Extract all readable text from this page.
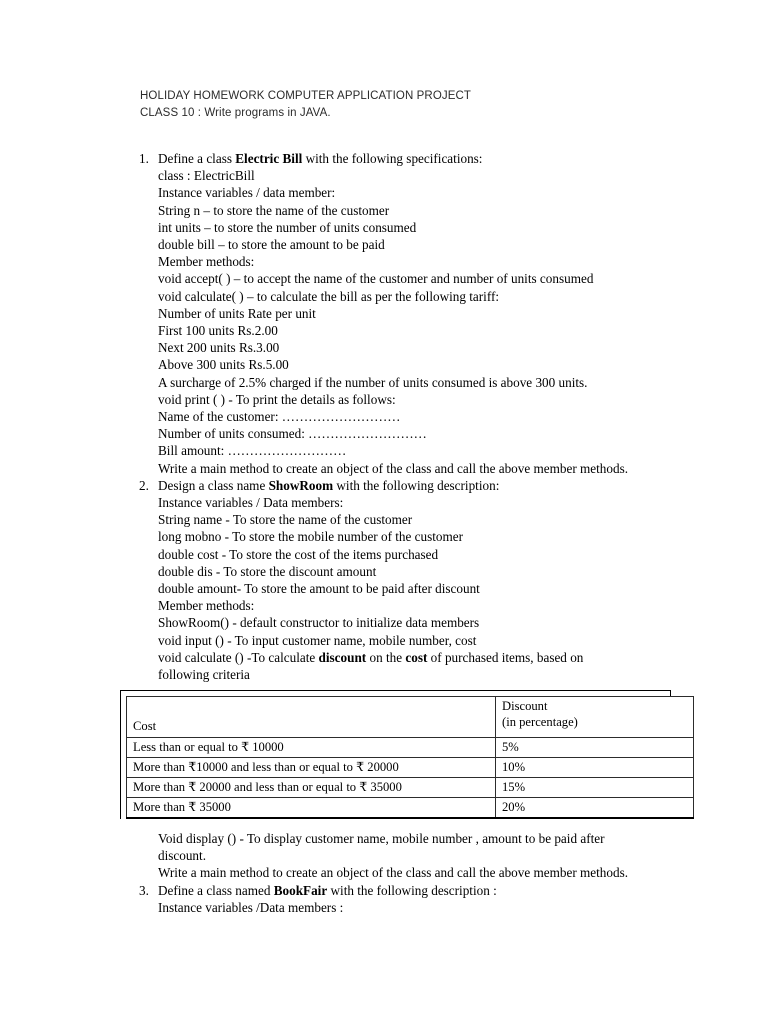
HOLIDAY HOMEWORK COMPUTER APPLICATION PROJECT
CLASS 10 : Write programs in JAVA.
1. Define a class Electric Bill with the following specifications:
class : ElectricBill
Instance variables / data member:
String n – to store the name of the customer
int units – to store the number of units consumed
double bill – to store the amount to be paid
Member methods:
void accept( ) – to accept the name of the customer and number of units consumed
void calculate( ) – to calculate the bill as per the following tariff:
Number of units Rate per unit
First 100 units Rs.2.00
Next 200 units Rs.3.00
Above 300 units Rs.5.00
A surcharge of 2.5% charged if the number of units consumed is above 300 units.
void print ( ) - To print the details as follows:
Name of the customer: ………………………
Number of units consumed: ………………………
Bill amount: ………………………
Write a main method to create an object of the class and call the above member methods.
2. Design a class name ShowRoom with the following description:
Instance variables / Data members:
String name - To store the name of the customer
long mobno - To store the mobile number of the customer
double cost - To store the cost of the items purchased
double dis - To store the discount amount
double amount- To store the amount to be paid after discount
Member methods:
ShowRoom() - default constructor to initialize data members
void input () - To input customer name, mobile number, cost
void calculate () -To calculate discount on the cost of purchased items, based on following criteria
Cost	Discount
(in percentage)

Less than or equal to ₹ 10000	5%
More than ₹10000 and less than or equal to ₹ 20000	10%
More than ₹ 20000 and less than or equal to ₹ 35000	15%
More than ₹ 35000	20%
Void display () - To display customer name, mobile number , amount to be paid after discount.
Write a main method to create an object of the class and call the above member methods.
3. Define a class named BookFair with the following description :
Instance variables /Data members :
